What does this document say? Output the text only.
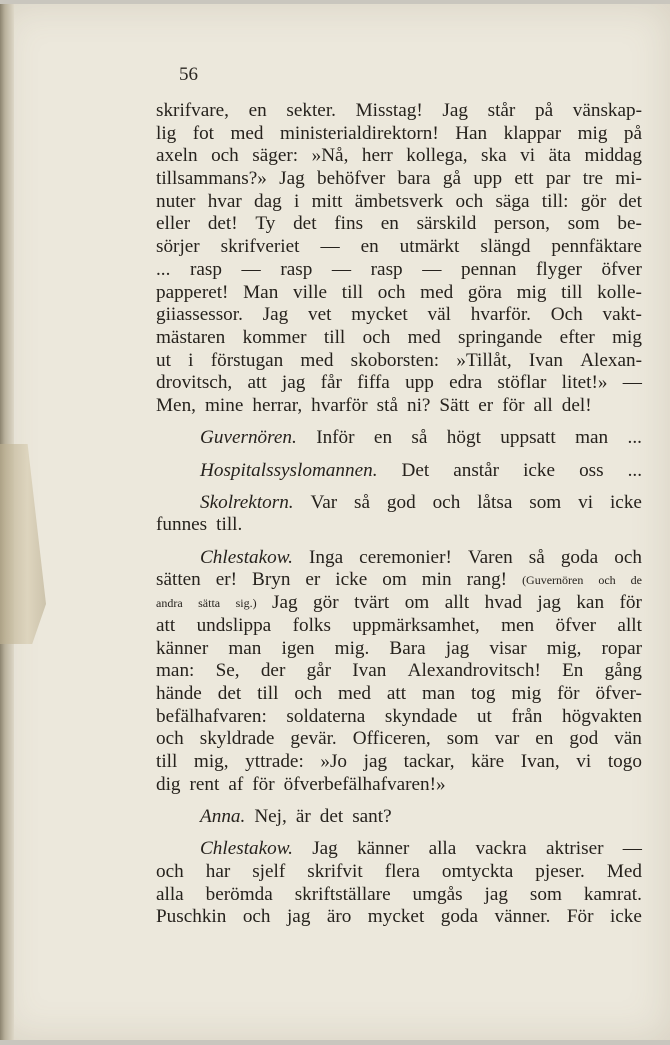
56
skrifvare, en sekter. Misstag! Jag står på vänskap-
lig fot med ministerialdirektorn! Han klappar mig på
axeln och säger: »Nå, herr kollega, ska vi äta middag
tillsammans?» Jag behöfver bara gå upp ett par tre mi-
nuter hvar dag i mitt ämbetsverk och säga till: gör det
eller det! Ty det fins en särskild person, som be-
sörjer skrifveriet — en utmärkt slängd pennfäktare
... rasp — rasp — rasp — pennan flyger öfver
papperet! Man ville till och med göra mig till kolle-
giiassessor. Jag vet mycket väl hvarför. Och vakt-
mästaren kommer till och med springande efter mig
ut i förstugan med skoborsten: »Tillåt, Ivan Alexan-
drovitsch, att jag får fiffa upp edra stöflar litet!» —
Men, mine herrar, hvarför stå ni? Sätt er för all del!
Guvernören. Inför en så högt uppsatt man ...
Hospitalssyslomannen. Det anstår icke oss ...
Skolrektorn. Var så god och låtsa som vi icke
funnes till.
Chlestakow. Inga ceremonier! Varen så goda och
sätten er! Bryn er icke om min rang! (Guvernören och de
andra sätta sig.) Jag gör tvärt om allt hvad jag kan för
att undslippa folks uppmärksamhet, men öfver allt
känner man igen mig. Bara jag visar mig, ropar
man: Se, der går Ivan Alexandrovitsch! En gång
hände det till och med att man tog mig för öfver-
befälhafvaren: soldaterna skyndade ut från högvakten
och skyldrade gevär. Officeren, som var en god vän
till mig, yttrade: »Jo jag tackar, käre Ivan, vi togo
dig rent af för öfverbefälhafvaren!»
Anna. Nej, är det sant?
Chlestakow. Jag känner alla vackra aktriser —
och har sjelf skrifvit flera omtyckta pjeser. Med
alla berömda skriftställare umgås jag som kamrat.
Puschkin och jag äro mycket goda vänner. För icke
